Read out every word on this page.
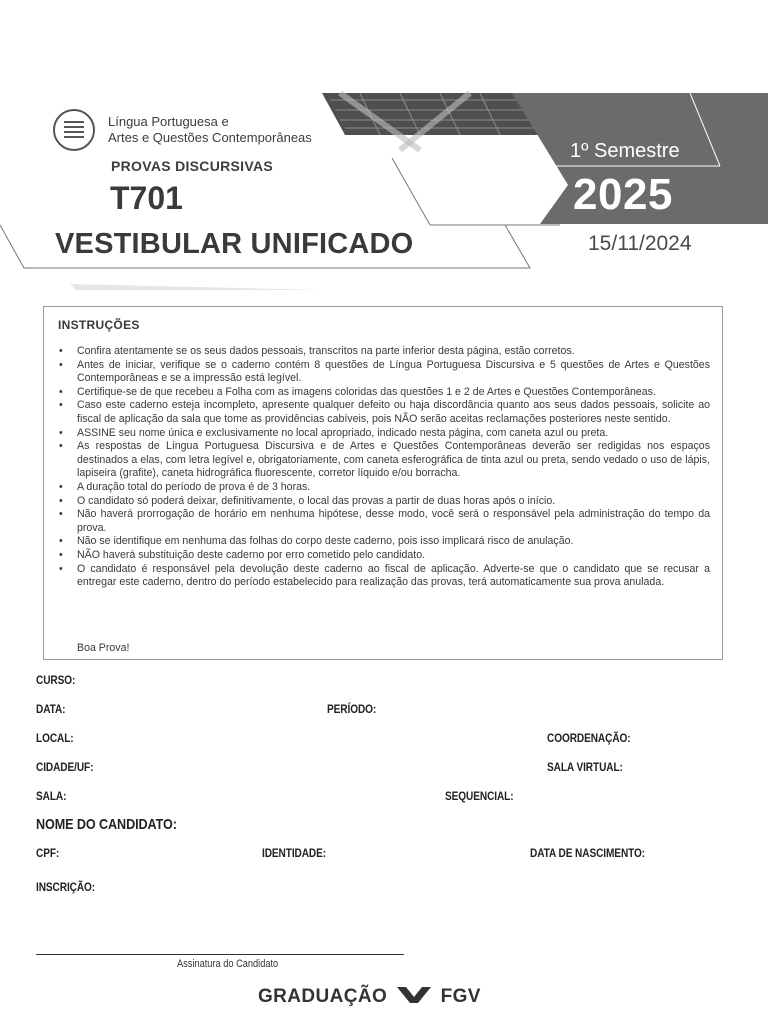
Língua Portuguesa e
Artes e Questões Contemporâneas
PROVAS DISCURSIVAS
T701
VESTIBULAR UNIFICADO
1º Semestre
2025
15/11/2024
INSTRUÇÕES
• Confira atentamente se os seus dados pessoais, transcritos na parte inferior desta página, estão corretos.
• Antes de iniciar, verifique se o caderno contém 8 questões de Língua Portuguesa Discursiva e 5 questões de Artes e Questões Contemporâneas e se a impressão está legível.
• Certifique-se de que recebeu a Folha com as imagens coloridas das questões 1 e 2 de Artes e Questões Contemporâneas.
• Caso este caderno esteja incompleto, apresente qualquer defeito ou haja discordância quanto aos seus dados pessoais, solicite ao fiscal de aplicação da sala que tome as providências cabíveis, pois NÃO serão aceitas reclamações posteriores neste sentido.
• ASSINE seu nome única e exclusivamente no local apropriado, indicado nesta página, com caneta azul ou preta.
• As respostas de Língua Portuguesa Discursiva e de Artes e Questões Contemporâneas deverão ser redigidas nos espaços destinados a elas, com letra legível e, obrigatoriamente, com caneta esferográfica de tinta azul ou preta, sendo vedado o uso de lápis, lapiseira (grafite), caneta hidrográfica fluorescente, corretor líquido e/ou borracha.
• A duração total do período de prova é de 3 horas.
• O candidato só poderá deixar, definitivamente, o local das provas a partir de duas horas após o início.
• Não haverá prorrogação de horário em nenhuma hipótese, desse modo, você será o responsável pela administração do tempo da prova.
• Não se identifique em nenhuma das folhas do corpo deste caderno, pois isso implicará risco de anulação.
• NÃO haverá substituição deste caderno por erro cometido pelo candidato.
• O candidato é responsável pela devolução deste caderno ao fiscal de aplicação. Adverte-se que o candidato que se recusar a entregar este caderno, dentro do período estabelecido para realização das provas, terá automaticamente sua prova anulada.
Boa Prova!
CURSO:
DATA:	PERÍODO:
LOCAL:	COORDENAÇÃO:
CIDADE/UF:	SALA VIRTUAL:
SALA:	SEQUENCIAL:
NOME DO CANDIDATO:
CPF:	IDENTIDADE:	DATA DE NASCIMENTO:
INSCRIÇÃO:
Assinatura do Candidato
GRADUAÇÃO	FGV
